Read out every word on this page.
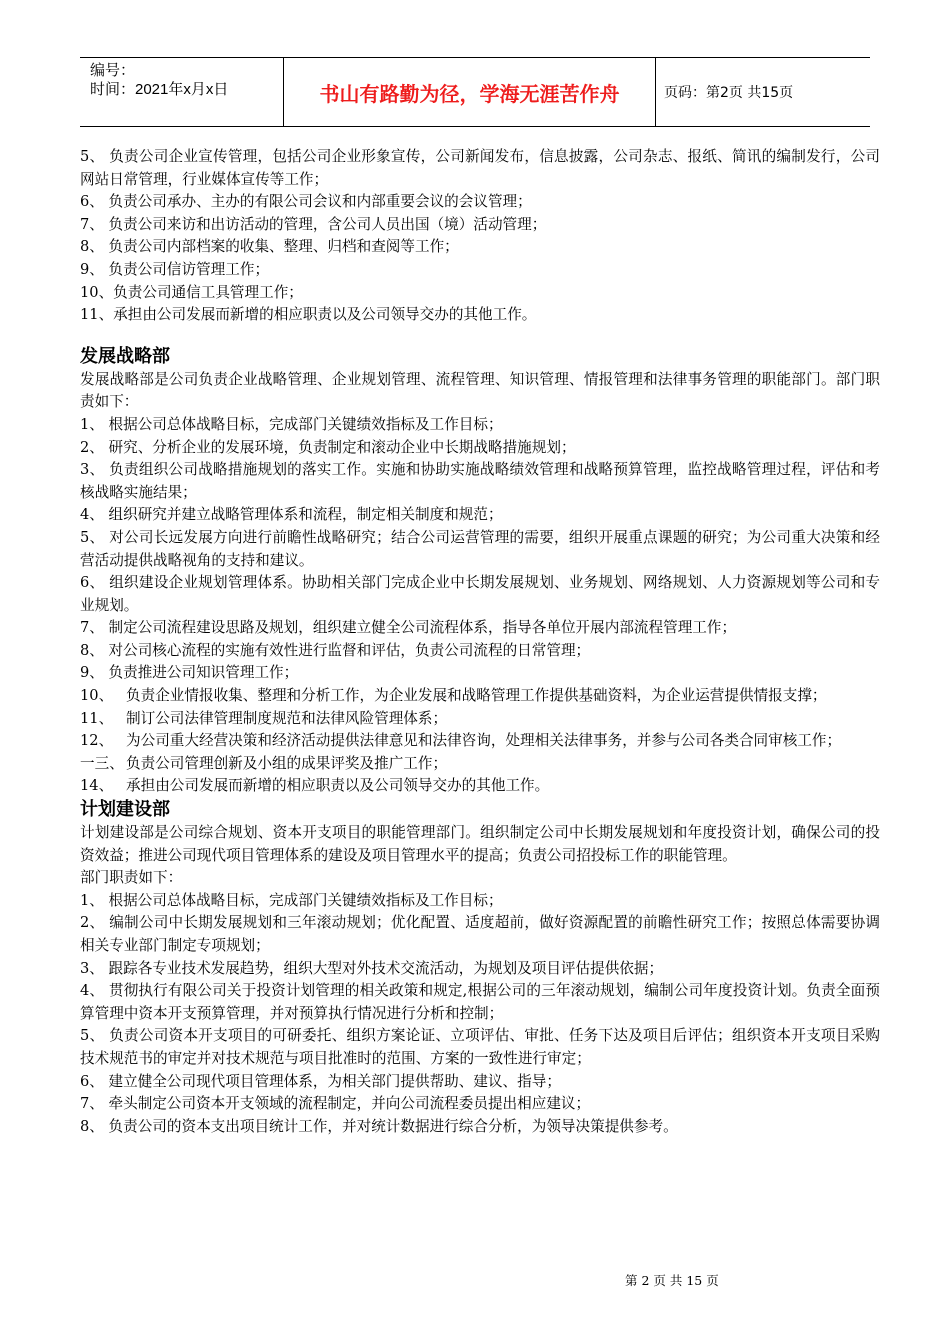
编号：
时间：2021年x月x日	书山有路勤为径，学海无涯苦作舟	页码：第2页 共15页

5、 负责公司企业宣传管理，包括公司企业形象宣传，公司新闻发布，信息披露，公司杂志、报纸、简讯的编制发行，公司网站日常管理，行业媒体宣传等工作；

6、 负责公司承办、主办的有限公司会议和内部重要会议的会议管理；

7、 负责公司来访和出访活动的管理，含公司人员出国（境）活动管理；

8、 负责公司内部档案的收集、整理、归档和查阅等工作；

9、 负责公司信访管理工作；

10、负责公司通信工具管理工作；

11、承担由公司发展而新增的相应职责以及公司领导交办的其他工作。

发展战略部

发展战略部是公司负责企业战略管理、企业规划管理、流程管理、知识管理、情报管理和法律事务管理的职能部门。部门职责如下：

1、 根据公司总体战略目标，完成部门关键绩效指标及工作目标；

2、 研究、分析企业的发展环境，负责制定和滚动企业中长期战略措施规划；

3、 负责组织公司战略措施规划的落实工作。实施和协助实施战略绩效管理和战略预算管理，监控战略管理过程，评估和考核战略实施结果；

4、 组织研究并建立战略管理体系和流程，制定相关制度和规范；

5、 对公司长远发展方向进行前瞻性战略研究；结合公司运营管理的需要，组织开展重点课题的研究；为公司重大决策和经营活动提供战略视角的支持和建议。

6、 组织建设企业规划管理体系。协助相关部门完成企业中长期发展规划、业务规划、网络规划、人力资源规划等公司和专业规划。

7、 制定公司流程建设思路及规划，组织建立健全公司流程体系，指导各单位开展内部流程管理工作；

8、 对公司核心流程的实施有效性进行监督和评估，负责公司流程的日常管理；

9、 负责推进公司知识管理工作；

10、 负责企业情报收集、整理和分析工作，为企业发展和战略管理工作提供基础资料，为企业运营提供情报支撑；

11、 制订公司法律管理制度规范和法律风险管理体系；

12、 为公司重大经营决策和经济活动提供法律意见和法律咨询，处理相关法律事务，并参与公司各类合同审核工作；

一三、 负责公司管理创新及小组的成果评奖及推广工作；

14、 承担由公司发展而新增的相应职责以及公司领导交办的其他工作。

计划建设部

计划建设部是公司综合规划、资本开支项目的职能管理部门。组织制定公司中长期发展规划和年度投资计划，确保公司的投资效益；推进公司现代项目管理体系的建设及项目管理水平的提高；负责公司招投标工作的职能管理。

部门职责如下：

1、 根据公司总体战略目标，完成部门关键绩效指标及工作目标；

2、 编制公司中长期发展规划和三年滚动规划；优化配置、适度超前，做好资源配置的前瞻性研究工作；按照总体需要协调相关专业部门制定专项规划；

3、 跟踪各专业技术发展趋势，组织大型对外技术交流活动，为规划及项目评估提供依据；

4、 贯彻执行有限公司关于投资计划管理的相关政策和规定,根据公司的三年滚动规划，编制公司年度投资计划。负责全面预算管理中资本开支预算管理，并对预算执行情况进行分析和控制；

5、 负责公司资本开支项目的可研委托、组织方案论证、立项评估、审批、任务下达及项目后评估；组织资本开支项目采购技术规范书的审定并对技术规范与项目批准时的范围、方案的一致性进行审定；

6、 建立健全公司现代项目管理体系，为相关部门提供帮助、建议、指导；

7、 牵头制定公司资本开支领域的流程制定，并向公司流程委员提出相应建议；

8、 负责公司的资本支出项目统计工作，并对统计数据进行综合分析，为领导决策提供参考。

第 2 页 共 15 页
